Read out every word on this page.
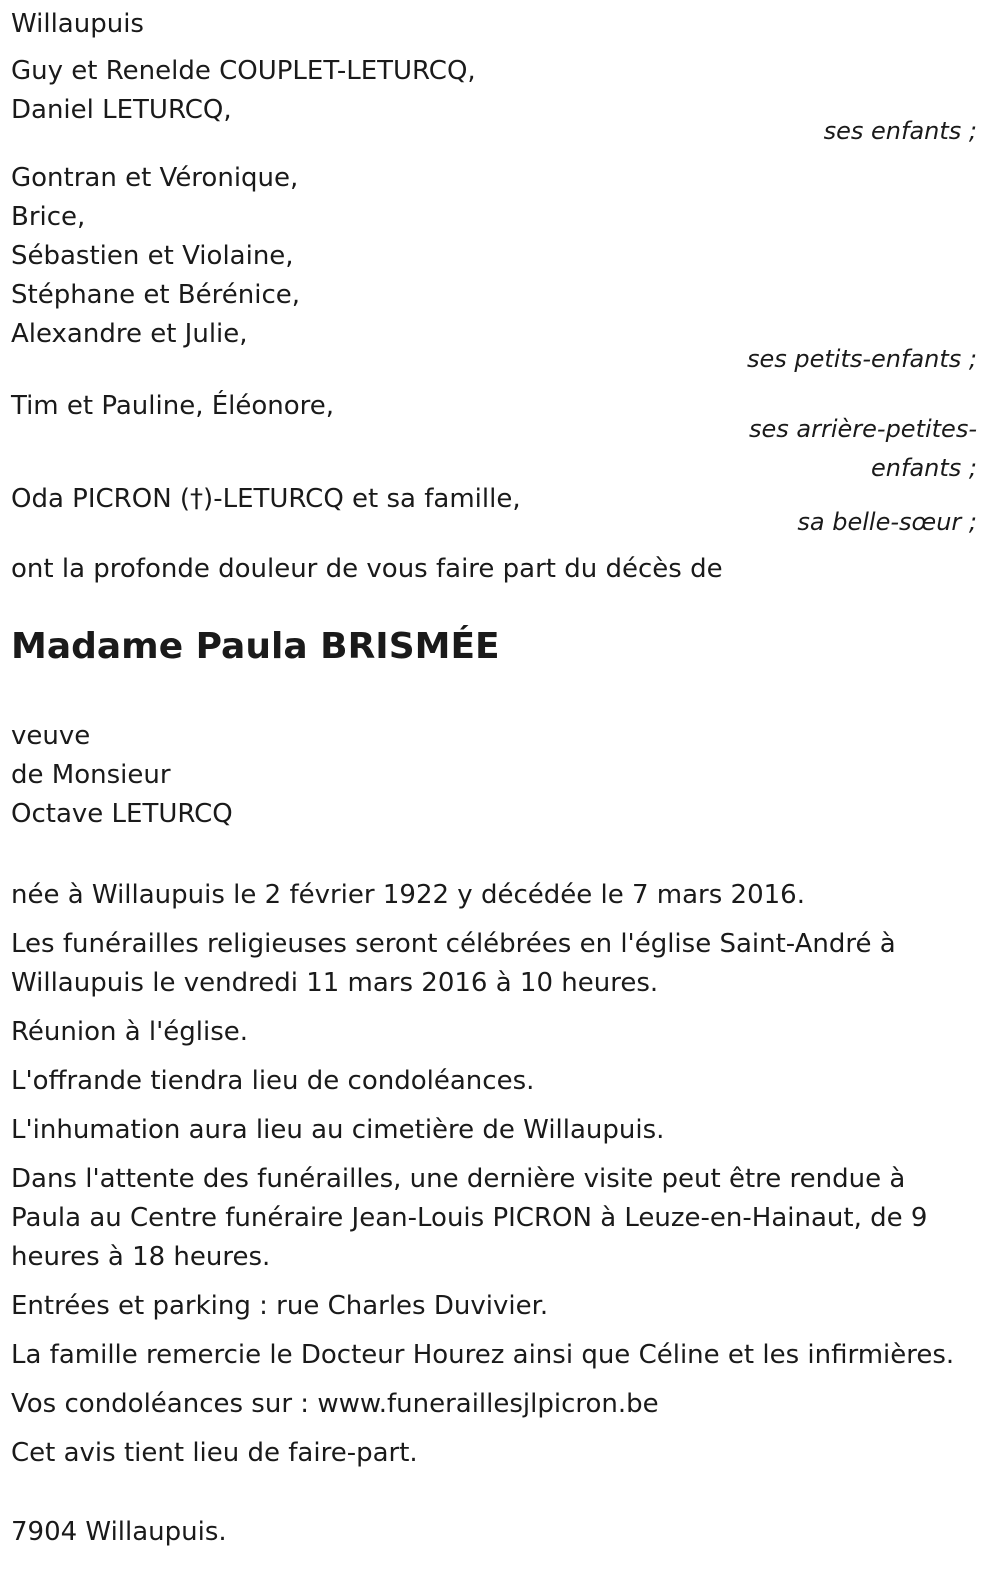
Willaupuis
Guy et Renelde COUPLET-LETURCQ,
Daniel LETURCQ,
ses enfants ;
Gontran et Véronique,
Brice,
Sébastien et Violaine,
Stéphane et Bérénice,
Alexandre et Julie,
ses petits-enfants ;
Tim et Pauline, Éléonore,
ses arrière-petites-
enfants ;
Oda PICRON (†)-LETURCQ et sa famille,
sa belle-sœur ;
ont la profonde douleur de vous faire part du décès de
Madame Paula BRISMÉE
veuve
de Monsieur
Octave LETURCQ
née à Willaupuis le 2 février 1922 y décédée le 7 mars 2016.
Les funérailles religieuses seront célébrées en l'église Saint-André à Willaupuis le vendredi 11 mars 2016 à 10 heures.
Réunion à l'église.
L'offrande tiendra lieu de condoléances.
L'inhumation aura lieu au cimetière de Willaupuis.
Dans l'attente des funérailles, une dernière visite peut être rendue à Paula au Centre funéraire Jean-Louis PICRON à Leuze-en-Hainaut, de 9 heures à 18 heures.
Entrées et parking : rue Charles Duvivier.
La famille remercie le Docteur Hourez ainsi que Céline et les infirmières.
Vos condoléances sur : www.funeraillesjlpicron.be
Cet avis tient lieu de faire-part.
7904 Willaupuis.
